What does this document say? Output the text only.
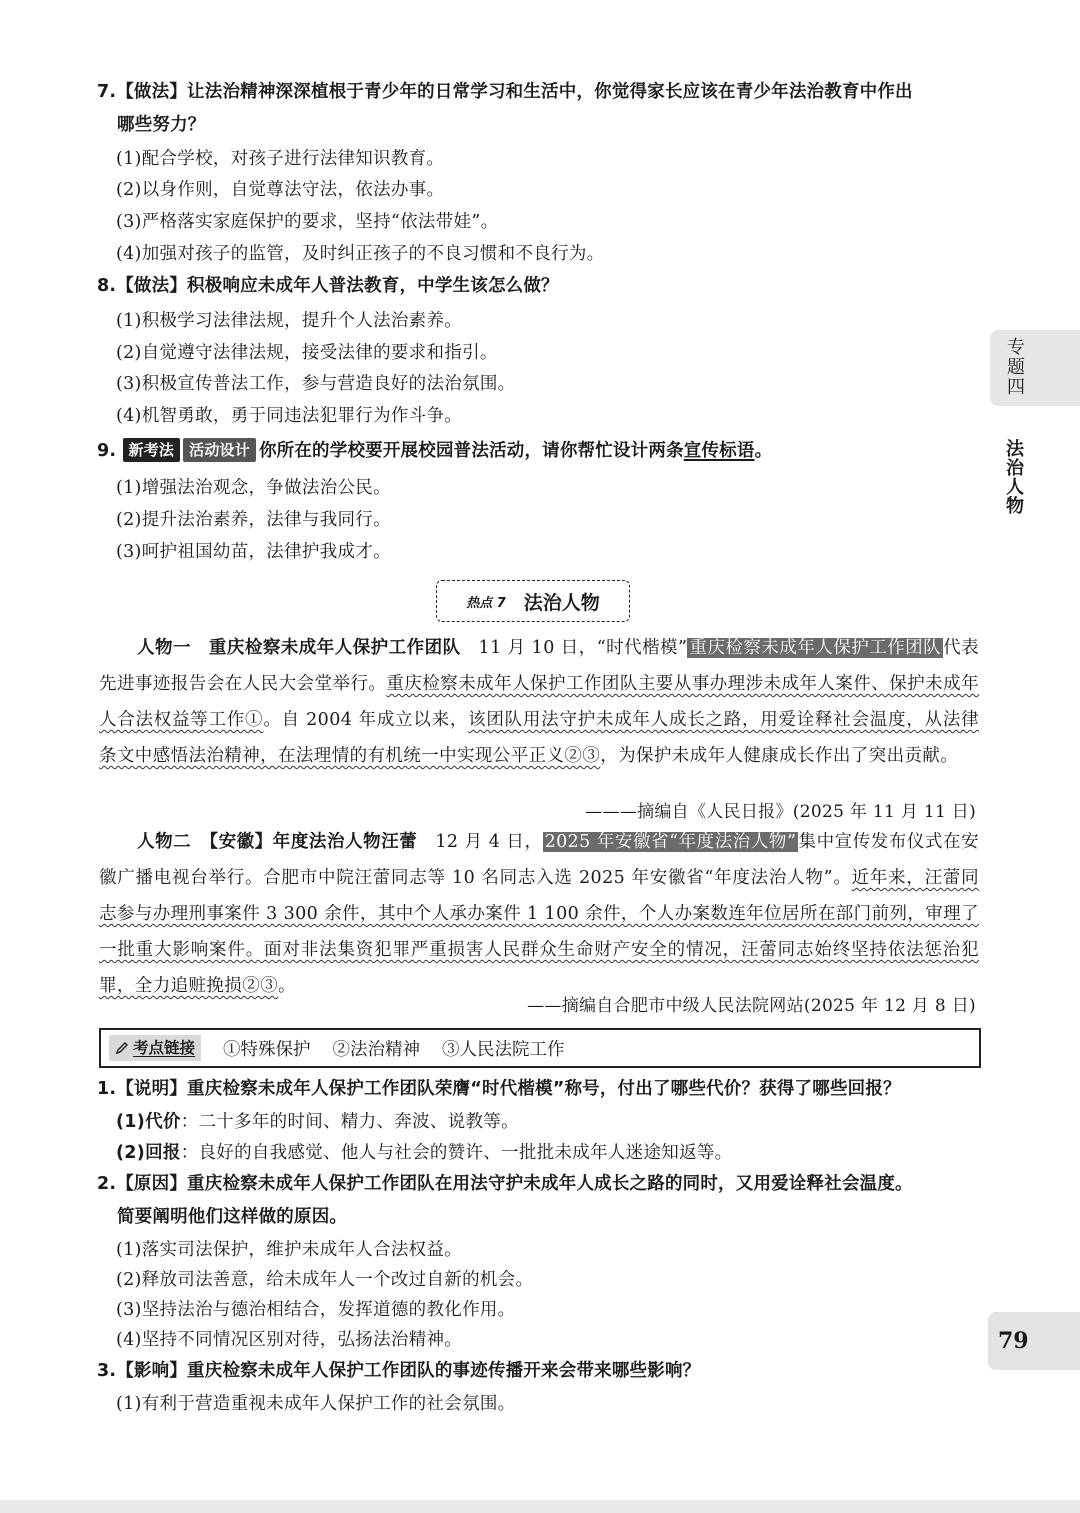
7.【做法】让法治精神深深植根于青少年的日常学习和生活中，你觉得家长应该在青少年法治教育中作出
哪些努力？
(1)配合学校，对孩子进行法律知识教育。
(2)以身作则，自觉尊法守法，依法办事。
(3)严格落实家庭保护的要求，坚持“依法带娃”。
(4)加强对孩子的监管，及时纠正孩子的不良习惯和不良行为。
8.【做法】积极响应未成年人普法教育，中学生该怎么做？
(1)积极学习法律法规，提升个人法治素养。
(2)自觉遵守法律法规，接受法律的要求和指引。
(3)积极宣传普法工作，参与营造良好的法治氛围。
(4)机智勇敢，勇于同违法犯罪行为作斗争。
9. 新考法 活动设计 你所在的学校要开展校园普法活动，请你帮忙设计两条宣传标语。
(1)增强法治观念，争做法治公民。
(2)提升法治素养，法律与我同行。
(3)呵护祖国幼苗，法律护我成才。
热点 7 法治人物
人物一　重庆检察未成年人保护工作团队　11 月 10 日，“时代楷模” 重庆检察未成年人保护工作团队 代表先进事迹报告会在人民大会堂举行。重庆检察未成年人保护工作团队主要从事办理涉未成年人案件、保护未成年人合法权益等工作①。自 2004 年成立以来，该团队用法守护未成年人成长之路，用爱诠释社会温度，从法律条文中感悟法治精神，在法理情的有机统一中实现公平正义②③，为保护未成年人健康成长作出了突出贡献。
———摘编自《人民日报》(2025 年 11 月 11 日)
人物二　【安徽】年度法治人物汪蕾　12 月 4 日， 2025 年安徽省“年度法治人物” 集中宣传发布仪式在安徽广播电视台举行。合肥市中院汪蕾同志等 10 名同志入选 2025 年安徽省“年度法治人物”。近年来，汪蕾同志参与办理刑事案件 3 300 余件，其中个人承办案件 1 100 余件，个人办案数连年位居所在部门前列，审理了一批重大影响案件。面对非法集资犯罪严重损害人民群众生命财产安全的情况，汪蕾同志始终坚持依法惩治犯罪，全力追赃挽损②③。
——摘编自合肥市中级人民法院网站(2025 年 12 月 8 日)
考点链接 ①特殊保护 ②法治精神 ③人民法院工作
1.【说明】重庆检察未成年人保护工作团队荣膺“时代楷模”称号，付出了哪些代价？获得了哪些回报？
(1)代价：二十多年的时间、精力、奔波、说教等。
(2)回报：良好的自我感觉、他人与社会的赞许、一批批未成年人迷途知返等。
2.【原因】重庆检察未成年人保护工作团队在用法守护未成年人成长之路的同时，又用爱诠释社会温度。
简要阐明他们这样做的原因。
(1)落实司法保护，维护未成年人合法权益。
(2)释放司法善意，给未成年人一个改过自新的机会。
(3)坚持法治与德治相结合，发挥道德的教化作用。
(4)坚持不同情况区别对待，弘扬法治精神。
3.【影响】重庆检察未成年人保护工作团队的事迹传播开来会带来哪些影响？
(1)有利于营造重视未成年人保护工作的社会氛围。
专题四
法治人物
79
